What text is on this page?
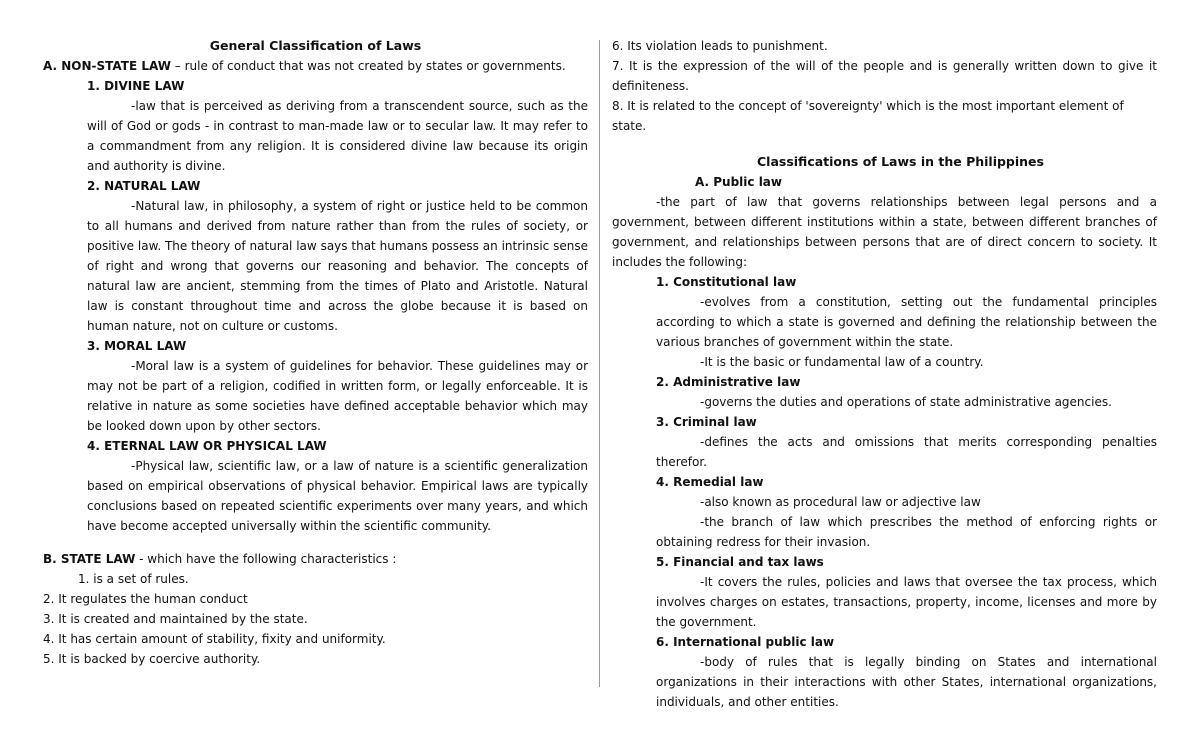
General Classification of Laws
A. NON-STATE LAW – rule of conduct that was not created by states or governments.
1. DIVINE LAW
-law that is perceived as deriving from a transcendent source, such as the will of God or gods - in contrast to man-made law or to secular law. It may refer to a commandment from any religion. It is considered divine law because its origin and authority is divine.
2. NATURAL LAW
-Natural law, in philosophy, a system of right or justice held to be common to all humans and derived from nature rather than from the rules of society, or positive law. The theory of natural law says that humans possess an intrinsic sense of right and wrong that governs our reasoning and behavior. The concepts of natural law are ancient, stemming from the times of Plato and Aristotle. Natural law is constant throughout time and across the globe because it is based on human nature, not on culture or customs.
3. MORAL LAW
-Moral law is a system of guidelines for behavior. These guidelines may or may not be part of a religion, codified in written form, or legally enforceable. It is relative in nature as some societies have defined acceptable behavior which may be looked down upon by other sectors.
4. ETERNAL LAW OR PHYSICAL LAW
-Physical law, scientific law, or a law of nature is a scientific generalization based on empirical observations of physical behavior. Empirical laws are typically conclusions based on repeated scientific experiments over many years, and which have become accepted universally within the scientific community.
B. STATE LAW - which have the following characteristics :
1. is a set of rules.
2. It regulates the human conduct
3. It is created and maintained by the state.
4. It has certain amount of stability, fixity and uniformity.
5. It is backed by coercive authority.
6. Its violation leads to punishment.
7. It is the expression of the will of the people and is generally written down to give it definiteness.
8. It is related to the concept of 'sovereignty' which is the most important element of state.
Classifications of Laws in the Philippines
A. Public law
-the part of law that governs relationships between legal persons and a government, between different institutions within a state, between different branches of government, and relationships between persons that are of direct concern to society. It includes the following:
1. Constitutional law
-evolves from a constitution, setting out the fundamental principles according to which a state is governed and defining the relationship between the various branches of government within the state.
-It is the basic or fundamental law of a country.
2. Administrative law
-governs the duties and operations of state administrative agencies.
3. Criminal law
-defines the acts and omissions that merits corresponding penalties therefor.
4. Remedial law
-also known as procedural law or adjective law
-the branch of law which prescribes the method of enforcing rights or obtaining redress for their invasion.
5. Financial and tax laws
-It covers the rules, policies and laws that oversee the tax process, which involves charges on estates, transactions, property, income, licenses and more by the government.
6. International public law
-body of rules that is legally binding on States and international organizations in their interactions with other States, international organizations, individuals, and other entities.
